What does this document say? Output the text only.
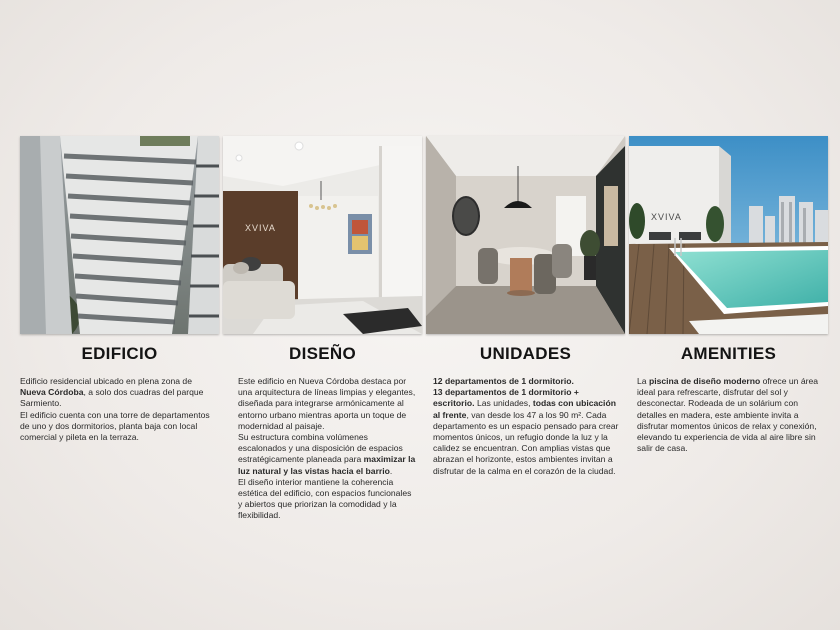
EDIFICIO

Edificio residencial ubicado en plena zona de Nueva Córdoba, a solo dos cuadras del parque Sarmiento.

El edificio cuenta con una torre de departamentos de uno y dos dormitorios, planta baja con local comercial y pileta en la terraza.

XVIVA
DISEÑO

Este edificio en Nueva Córdoba destaca por una arquitectura de líneas limpias y elegantes, diseñada para integrarse armónicamente al entorno urbano mientras aporta un toque de modernidad al paisaje.

Su estructura combina volúmenes escalonados y una disposición de espacios estratégicamente planeada para maximizar la luz natural y las vistas hacia el barrio.

El diseño interior mantiene la coherencia estética del edificio, con espacios funcionales y abiertos que priorizan la comodidad y la flexibilidad.

UNIDADES

12 departamentos de 1 dormitorio.

13 departamentos de 1 dormitorio + escritorio. Las unidades, todas con ubicación al frente, van desde los 47 a los 90 m². Cada departamento es un espacio pensado para crear momentos únicos, un refugio donde la luz y la calidez se encuentran. Con amplias vistas que abrazan el horizonte, estos ambientes invitan a disfrutar de la calma en el corazón de la ciudad.

XVIVA
AMENITIES

La piscina de diseño moderno ofrece un área ideal para refrescarte, disfrutar del sol y desconectar. Rodeada de un solárium con detalles en madera, este ambiente invita a disfrutar momentos únicos de relax y conexión, elevando tu experiencia de vida al aire libre sin salir de casa.
